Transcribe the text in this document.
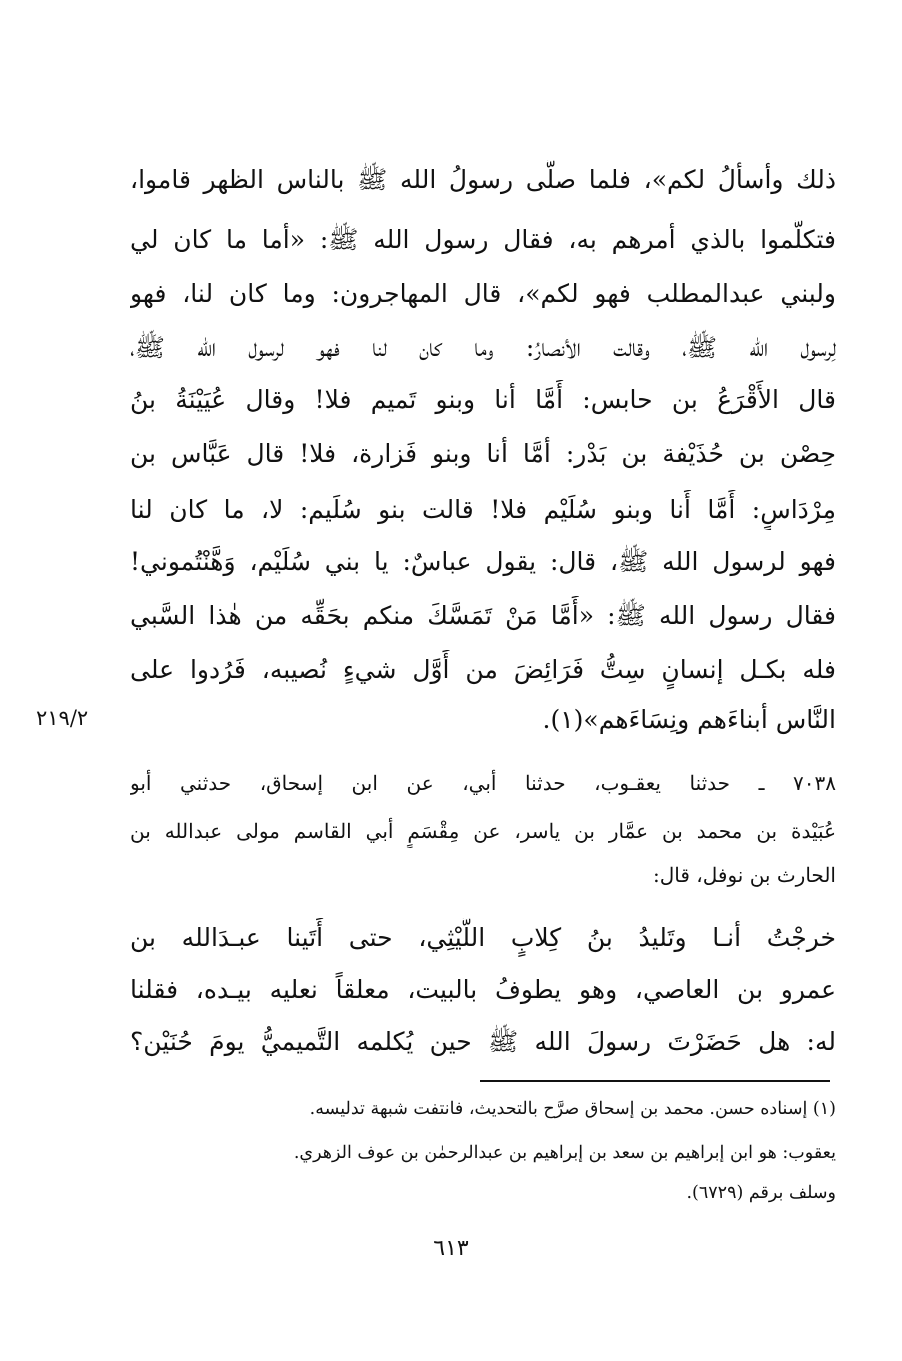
ذلك وأسألُ لكم»، فلما صلَّى رسولُ الله ﷺ بالناس الظهر قاموا،
فتكلَّموا بالذي أمرهم به، فقال رسول الله ﷺ: «أما ما كان لي
ولبني عبدالمطلب فهو لكم»، قال المهاجرون: وما كان لنا، فهو
لِرسول الله ﷺ، وقالت الأنصارُ: وما كان لنا فهو لرسول الله ﷺ،
قال الأَقْرَعُ بن حابس: أَمَّا أنا وبنو تَميم فلا! وقال عُيَيْنَةُ بنُ
حِصْن بن حُذَيْفة بن بَدْر: أمَّا أنا وبنو فَزارة، فلا! قال عَبَّاس بن
مِرْدَاسٍ: أَمَّا أَنا وبنو سُلَيْم فلا! قالت بنو سُلَيم: لا، ما كان لنا
فهو لرسول الله ﷺ، قال: يقول عباسٌ: يا بني سُلَيْم، وَهَّنْتُموني!
فقال رسول الله ﷺ: «أَمَّا مَنْ تَمَسَّكَ منكم بحَقِّه من هٰذا السَّبي
فله بكـل إنسانٍ سِتُّ فَرَائِضَ من أَوَّل شيءٍ نُصيبه، فَرُدوا على
النَّاس أبناءَهم ونِسَاءَهم»(١).
٢١٩/٢
٧٠٣٨ ـ حدثنا يعقـوب، حدثنا أبي، عن ابن إسحاق، حدثني أبو
عُبَيْدة بن محمد بن عمَّار بن ياسر، عن مِقْسَمٍ أبي القاسم مولى عبدالله بن
الحارث بن نوفل، قال:
خرجْتُ أنـا وتَليدُ بنُ كِلابٍ اللَّيْثِي، حتى أَتَينا عبـدَالله بن
عمرو بن العاصي، وهو يطوفُ بالبيت، معلقاً نعليه بيـده، فقلنا
له: هل حَضَرْتَ رسولَ الله ﷺ حين يُكلمه التَّميميُّ يومَ حُنَيْن؟
(١) إسناده حسن. محمد بن إسحاق صرَّح بالتحديث، فانتفت شبهة تدليسه.
يعقوب: هو ابن إبراهيم بن سعد بن إبراهيم بن عبدالرحمٰن بن عوف الزهري.
وسلف برقم (٦٧٢٩).
٦١٣
